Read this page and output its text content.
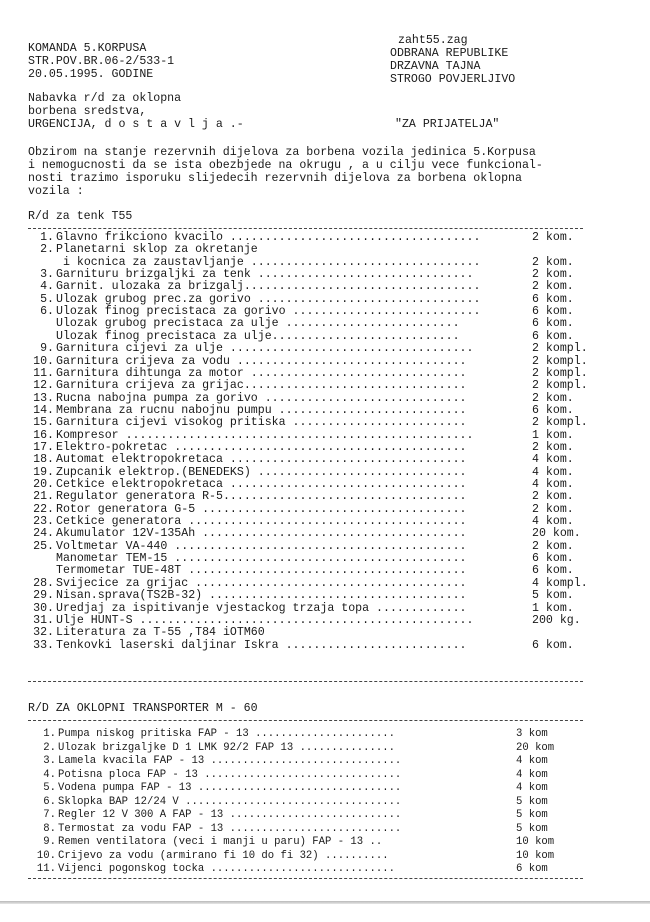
KOMANDA 5.KORPUSA
STR.POV.BR.06-2/533-1
20.05.1995. GODINE
zaht55.zag
ODBRANA REPUBLIKE
DRZAVNA TAJNA
STROGO POVJERLJIVO
Nabavka r/d za oklopna
borbena sredstva,
URGENCIJA, d o s t a v l j a .-	"ZA PRIJATELJA"
Obzirom na stanje rezervnih dijelova za borbena vozila jedinica 5.Korpusa
i nemogucnosti da se ista obezbjede na okrugu , a u cilju vece funkcional-
nosti trazimo isporuku slijedecih rezervnih dijelova za borbena oklopna
vozila :
R/d za tenk T55
1. Glavno frikciono kvacilo ....................................	2 kom.
2. Planetarni sklop za okretanje
i kocnica za zaustavljanje .................................	2 kom.
3. Garnituru brizgaljki za tenk ...............................	2 kom.
4. Garnit. ulozaka za brizgalj..................................	2 kom.
5. Ulozak grubog prec.za gorivo ................................	6 kom.
6. Ulozak finog precistaca za gorivo ...........................	6 kom.
Ulozak grubog precistaca za ulje .........................	6 kom.
Ulozak finog precistaca za ulje...........................	6 kom.
9. Garnitura cijevi za ulje ...................................	2 kompl.
10. Garnitura crijeva za vodu .................................	2 kompl.
11. Garnitura dihtunga za motor ...............................	2 kompl.
12. Garnitura crijeva za grijac................................	2 kompl.
13. Rucna nabojna pumpa za gorivo .............................	2 kom.
14. Membrana za rucnu nabojnu pumpu ...........................	6 kom.
15. Garnitura cijevi visokog pritiska .........................	2 kompl.
16. Kompresor ..................................................	1 kom.
17. Elektro-pokretac ..........................................	2 kom.
18. Automat elektropokretaca ..................................	4 kom.
19. Zupcanik elektrop.(BENEDEKS) ..............................	4 kom.
20. Cetkice elektropokretaca ..................................	4 kom.
21. Regulator generatora R-5...................................	2 kom.
22. Rotor generatora G-5 ......................................	2 kom.
23. Cetkice generatora ........................................	4 kom.
24. Akumulator 12V-135Ah ......................................	20 kom.
25. Voltmetar VA-440 ..........................................	2 kom.
Manometar TEM-15 ..........................................	6 kom.
Termometar TUE-48T ........................................	6 kom.
28. Svijecice za grijac .......................................	4 kompl.
29. Nisan.sprava(TS2B-32) .....................................	5 kom.
30. Uredjaj za ispitivanje vjestackog trzaja topa .............	1 kom.
31. Ulje HUNT-S ................................................	200 kg.
32. Literatura za T-55 ,T84 iOTM60
33. Tenkovki laserski daljinar Iskra ..........................	6 kom.
R/D ZA OKLOPNI TRANSPORTER M - 60
1. Pumpa niskog pritiska FAP - 13 ......................	3 kom
2. Ulozak brizgaljke D 1 LMK 92/2 FAP 13 ...............	20 kom
3. Lamela kvacila FAP - 13 ..............................	4 kom
4. Potisna ploca FAP - 13 ...............................	4 kom
5. Vodena pumpa FAP - 13 ................................	4 kom
6. Sklopka BAP 12/24 V ..................................	5 kom
7. Regler 12 V 300 A FAP - 13 ...........................	5 kom
8. Termostat za vodu FAP - 13 ...........................	5 kom
9. Remen ventilatora (veci i manji u paru) FAP - 13 ..	10 kom
10. Crijevo za vodu (armirano fi 10 do fi 32) ..........	10 kom
11. Vijenci pogonskog tocka .............................	6 kom
